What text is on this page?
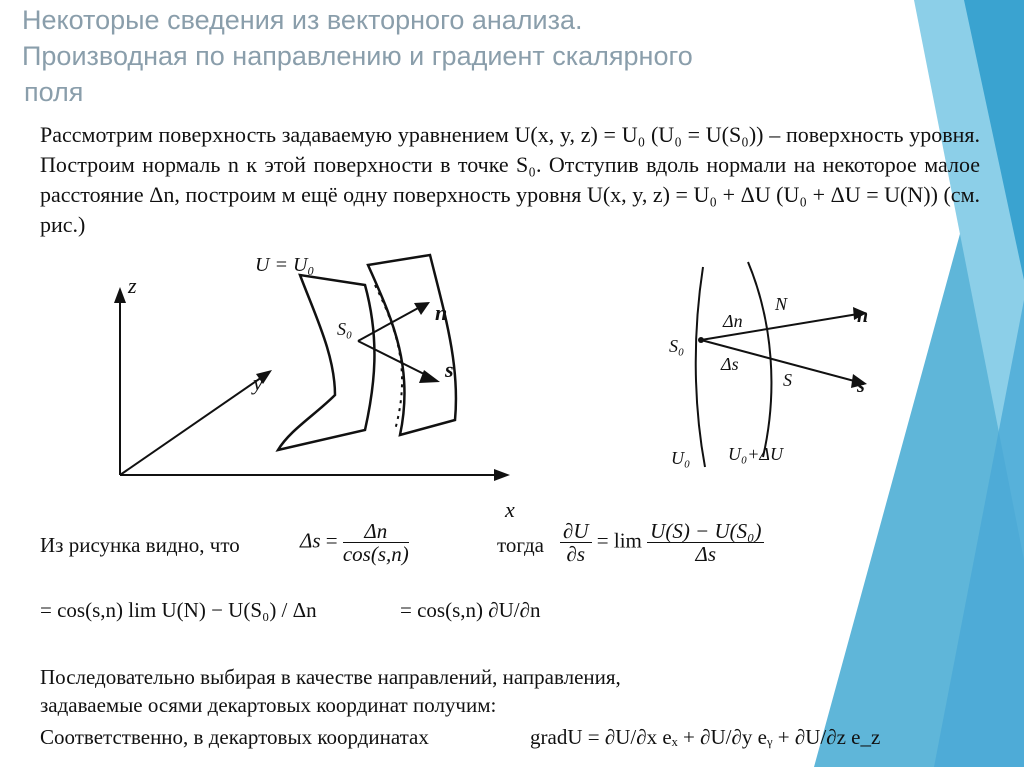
Некоторые сведения из векторного анализа.
Производная по направлению и градиент скалярного
поля
Рассмотрим поверхность задаваемую уравнением U(x, y, z) = U₀ (U₀ = U(S₀)) – поверхность уровня. Построим нормаль n к этой поверхности в точке S₀. Отступив вдоль нормали на некоторое малое расстояние Δn, построим м ещё одну поверхность уровня U(x, y, z) = U₀ + ΔU (U₀ + ΔU = U(N)) (см. рис.)
z
y
x
U = U₀
S₀
n
s
S₀
Δn
Δs
N
S
n
s
U₀ U₀+ΔU
Из рисунка видно, что	$\Delta s = \frac{\Delta n}{\cos(s,n)}$	тогда $\frac{\partial U}{\partial s} = \lim \frac{\text{U(S) − U(S₀)}}{\Delta s}$
= cos(s,n) lim U(N) − U(S₀) / Δn	= cos(s,n) ∂U/∂n
Последовательно выбирая в качестве направлений, направления,
задаваемые осями декартовых координат получим:
Соответственно, в декартовых координатах	gradU = ∂U/∂x eₓ + ∂U/∂y eᵧ + ∂U/∂z e_z
